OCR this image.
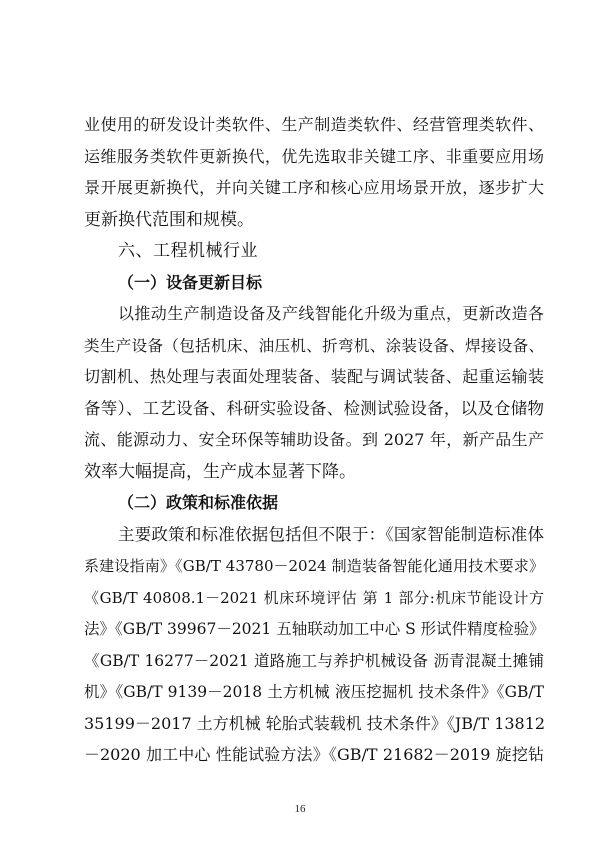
业使用的研发设计类软件、生产制造类软件、经营管理类软件、
运维服务类软件更新换代，优先选取非关键工序、非重要应用场
景开展更新换代，并向关键工序和核心应用场景开放，逐步扩大
更新换代范围和规模。
六、工程机械行业
（一）设备更新目标
以推动生产制造设备及产线智能化升级为重点，更新改造各
类生产设备（包括机床、油压机、折弯机、涂装设备、焊接设备、
切割机、热处理与表面处理装备、装配与调试装备、起重运输装
备等）、工艺设备、科研实验设备、检测试验设备，以及仓储物
流、能源动力、安全环保等辅助设备。到 2027 年，新产品生产
效率大幅提高，生产成本显著下降。
（二）政策和标准依据
主要政策和标准依据包括但不限于：《国家智能制造标准体
系建设指南》《GB/T 43780－2024 制造装备智能化通用技术要求》
《GB/T 40808.1－2021 机床环境评估 第 1 部分:机床节能设计方
法》《GB/T 39967－2021 五轴联动加工中心 S 形试件精度检验》
《GB/T 16277－2021 道路施工与养护机械设备 沥青混凝土摊铺
机》《GB/T 9139－2018 土方机械 液压挖掘机 技术条件》《GB/T
35199－2017 土方机械 轮胎式装载机 技术条件》《JB/T 13812
－2020 加工中心 性能试验方法》《GB/T 21682－2019 旋挖钻
16
